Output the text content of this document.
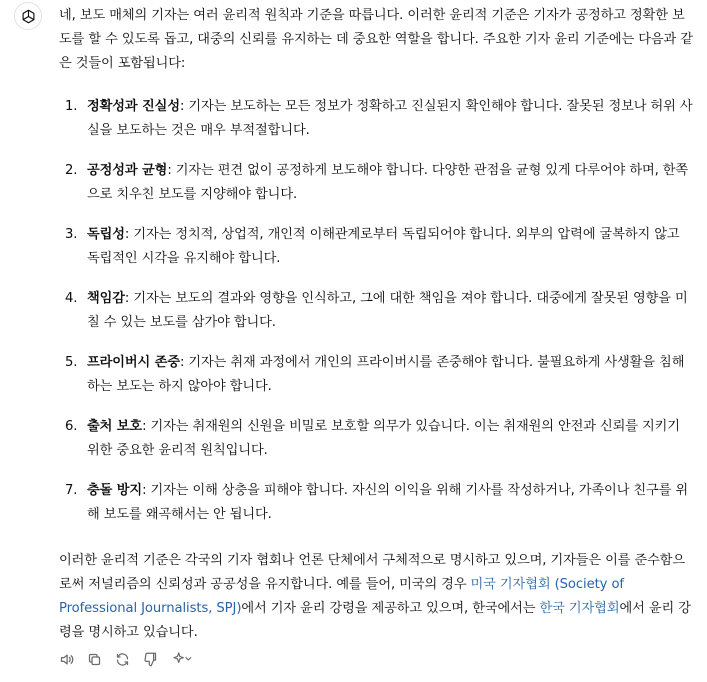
네, 보도 매체의 기자는 여러 윤리적 원칙과 기준을 따릅니다. 이러한 윤리적 기준은 기자가 공정하고 정확한 보도를 할 수 있도록 돕고, 대중의 신뢰를 유지하는 데 중요한 역할을 합니다. 주요한 기자 윤리 기준에는 다음과 같은 것들이 포함됩니다:

1. 정확성과 진실성: 기자는 보도하는 모든 정보가 정확하고 진실된지 확인해야 합니다. 잘못된 정보나 허위 사실을 보도하는 것은 매우 부적절합니다.
2. 공정성과 균형: 기자는 편견 없이 공정하게 보도해야 합니다. 다양한 관점을 균형 있게 다루어야 하며, 한쪽으로 치우친 보도를 지양해야 합니다.
3. 독립성: 기자는 정치적, 상업적, 개인적 이해관계로부터 독립되어야 합니다. 외부의 압력에 굴복하지 않고 독립적인 시각을 유지해야 합니다.
4. 책임감: 기자는 보도의 결과와 영향을 인식하고, 그에 대한 책임을 져야 합니다. 대중에게 잘못된 영향을 미칠 수 있는 보도를 삼가야 합니다.
5. 프라이버시 존중: 기자는 취재 과정에서 개인의 프라이버시를 존중해야 합니다. 불필요하게 사생활을 침해하는 보도는 하지 않아야 합니다.
6. 출처 보호: 기자는 취재원의 신원을 비밀로 보호할 의무가 있습니다. 이는 취재원의 안전과 신뢰를 지키기 위한 중요한 윤리적 원칙입니다.
7. 충돌 방지: 기자는 이해 상충을 피해야 합니다. 자신의 이익을 위해 기사를 작성하거나, 가족이나 친구를 위해 보도를 왜곡해서는 안 됩니다.

이러한 윤리적 기준은 각국의 기자 협회나 언론 단체에서 구체적으로 명시하고 있으며, 기자들은 이를 준수함으로써 저널리즘의 신뢰성과 공공성을 유지합니다. 예를 들어, 미국의 경우 미국 기자협회 (Society of Professional Journalists, SPJ)에서 기자 윤리 강령을 제공하고 있으며, 한국에서는 한국 기자협회에서 윤리 강령을 명시하고 있습니다.
